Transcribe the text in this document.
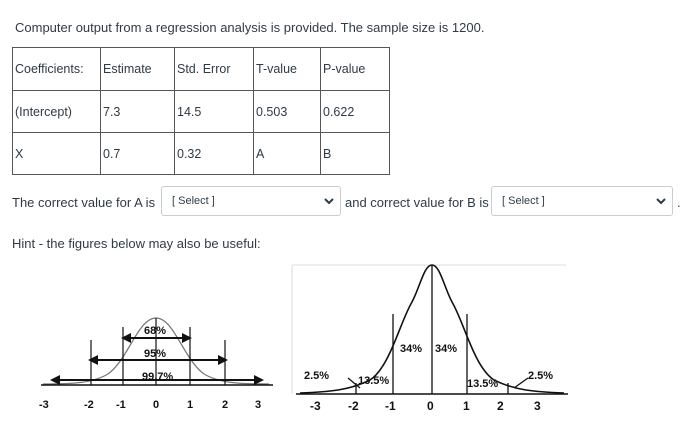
Computer output from a regression analysis is provided. The sample size is 1200.
Coefficients:	Estimate	Std. Error	T-value	P-value
(Intercept)	7.3	14.5	0.503	0.622
X	0.7	0.32	A	B
The correct value for A is [ Select ]	and correct value for B is [ Select ]	.
Hint - the figures below may also be useful:
68%
95%
99.7%
-3	-2 -1 0	1	2 3
34% 34%
13.5%	13.5%
2.5%	2.5%
-3 -2 -1	0 1 2	3
